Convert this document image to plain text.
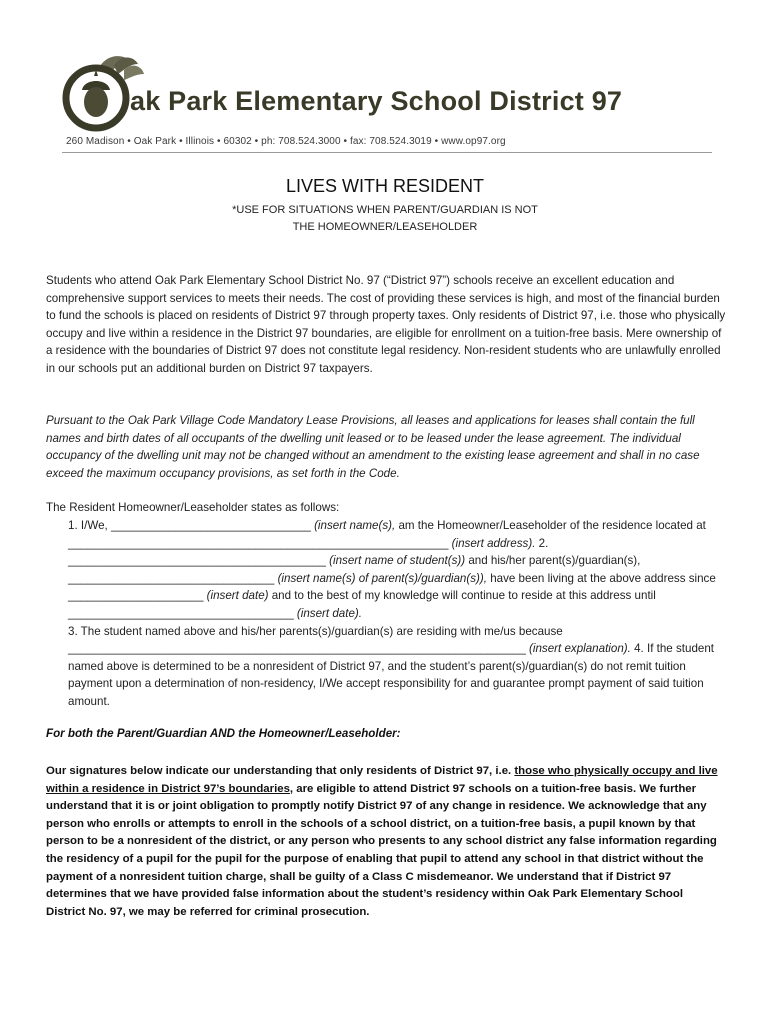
ak Park Elementary School District 97
260 Madison • Oak Park • Illinois • 60302 • ph: 708.524.3000 • fax: 708.524.3019 • www.op97.org
LIVES WITH RESIDENT
*USE FOR SITUATIONS WHEN PARENT/GUARDIAN IS NOT THE HOMEOWNER/LEASEHOLDER
Students who attend Oak Park Elementary School District No. 97 (“District 97”) schools receive an excellent education and comprehensive support services to meets their needs. The cost of providing these services is high, and most of the financial burden to fund the schools is placed on residents of District 97 through property taxes. Only residents of District 97, i.e. those who physically occupy and live within a residence in the District 97 boundaries, are eligible for enrollment on a tuition-free basis. Mere ownership of a residence with the boundaries of District 97 does not constitute legal residency. Non-resident students who are unlawfully enrolled in our schools put an additional burden on District 97 taxpayers.
Pursuant to the Oak Park Village Code Mandatory Lease Provisions, all leases and applications for leases shall contain the full names and birth dates of all occupants of the dwelling unit leased or to be leased under the lease agreement. The individual occupancy of the dwelling unit may not be changed without an amendment to the existing lease agreement and shall in no case exceed the maximum occupancy provisions, as set forth in the Code.
The Resident Homeowner/Leaseholder states as follows:
1. I/We, _______________________________ (insert name(s), am the Homeowner/Leaseholder of the residence located at ___________________________________________________________ (insert address). 2. ________________________________________ (insert name of student(s)) and his/her parent(s)/guardian(s), ________________________________ (insert name(s) of parent(s)/guardian(s)), have been living at the above address since _____________________ (insert date) and to the best of my knowledge will continue to reside at this address until ___________________________________ (insert date).
3. The student named above and his/her parents(s)/guardian(s) are residing with me/us because _______________________________________________________________________ (insert explanation). 4. If the student named above is determined to be a nonresident of District 97, and the student’s parent(s)/guardian(s) do not remit tuition payment upon a determination of non-residency, I/We accept responsibility for and guarantee prompt payment of said tuition amount.
For both the Parent/Guardian AND the Homeowner/Leaseholder:
Our signatures below indicate our understanding that only residents of District 97, i.e. those who physically occupy and live within a residence in District 97’s boundaries, are eligible to attend District 97 schools on a tuition-free basis. We further understand that it is or joint obligation to promptly notify District 97 of any change in residence. We acknowledge that any person who enrolls or attempts to enroll in the schools of a school district, on a tuition-free basis, a pupil known by that person to be a nonresident of the district, or any person who presents to any school district any false information regarding the residency of a pupil for the pupil for the purpose of enabling that pupil to attend any school in that district without the payment of a nonresident tuition charge, shall be guilty of a Class C misdemeanor. We understand that if District 97 determines that we have provided false information about the student’s residency within Oak Park Elementary School District No. 97, we may be referred for criminal prosecution.
